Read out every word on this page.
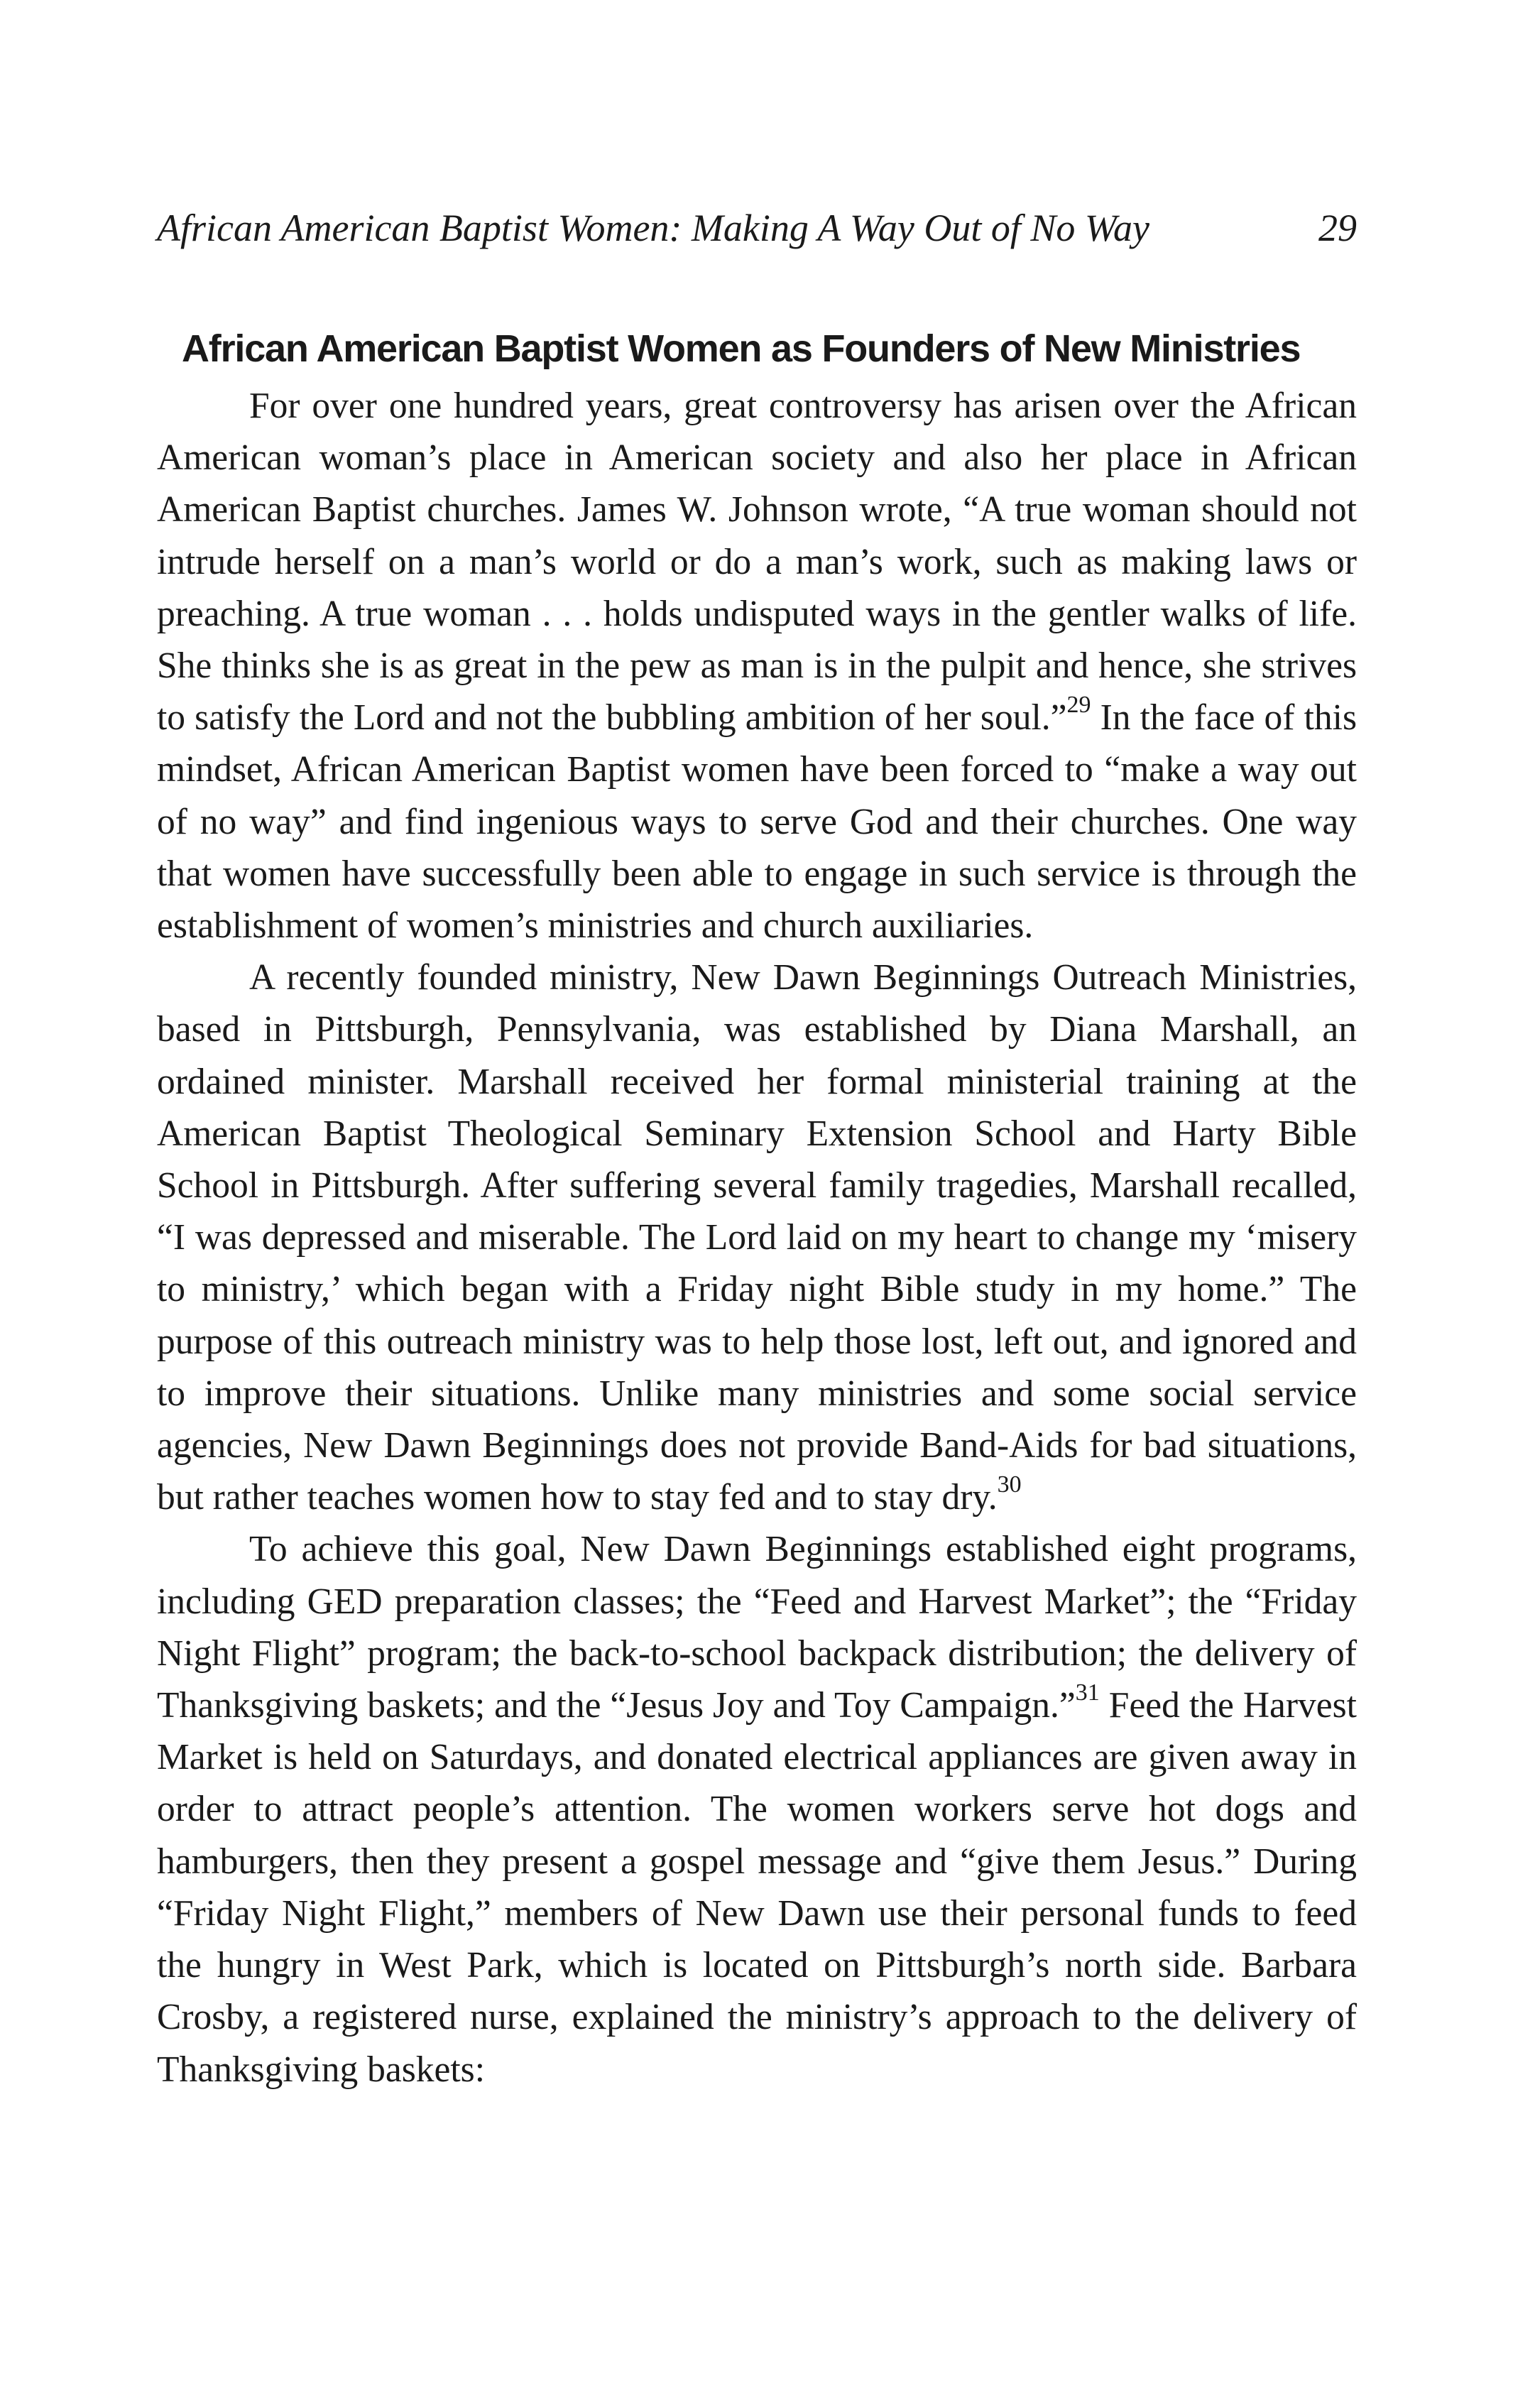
African American Baptist Women: Making A Way Out of No Way	29
African American Baptist Women as Founders of New Ministries

For over one hundred years, great controversy has arisen over the African American woman’s place in American society and also her place in African American Baptist churches. James W. Johnson wrote, “A true woman should not intrude herself on a man’s world or do a man’s work, such as making laws or preaching. A true woman . . . holds undisputed ways in the gentler walks of life. She thinks she is as great in the pew as man is in the pulpit and hence, she strives to satisfy the Lord and not the bubbling ambition of her soul.”$^{29}$ In the face of this mindset, African American Baptist women have been forced to “make a way out of no way” and find ingenious ways to serve God and their churches. One way that women have successfully been able to engage in such service is through the establishment of women’s ministries and church auxiliaries.

A recently founded ministry, New Dawn Beginnings Outreach Ministries, based in Pittsburgh, Pennsylvania, was established by Diana Marshall, an ordained minister. Marshall received her formal ministerial training at the American Baptist Theological Seminary Extension School and Harty Bible School in Pittsburgh. After suffering several family tragedies, Marshall recalled, “I was depressed and miserable. The Lord laid on my heart to change my ‘misery to ministry,’ which began with a Friday night Bible study in my home.” The purpose of this outreach ministry was to help those lost, left out, and ignored and to improve their situations. Unlike many ministries and some social service agencies, New Dawn Beginnings does not provide Band-Aids for bad situations, but rather teaches women how to stay fed and to stay dry.$^{30}$

To achieve this goal, New Dawn Beginnings established eight programs, including GED preparation classes; the “Feed and Harvest Market”; the “Friday Night Flight” program; the back-to-school backpack distribution; the delivery of Thanksgiving baskets; and the “Jesus Joy and Toy Campaign.”$^{31}$ Feed the Harvest Market is held on Saturdays, and donated electrical appliances are given away in order to attract people’s attention. The women workers serve hot dogs and hamburgers, then they present a gospel message and “give them Jesus.” During “Friday Night Flight,” members of New Dawn use their personal funds to feed the hungry in West Park, which is located on Pittsburgh’s north side. Barbara Crosby, a registered nurse, explained the ministry’s approach to the delivery of Thanksgiving baskets:
